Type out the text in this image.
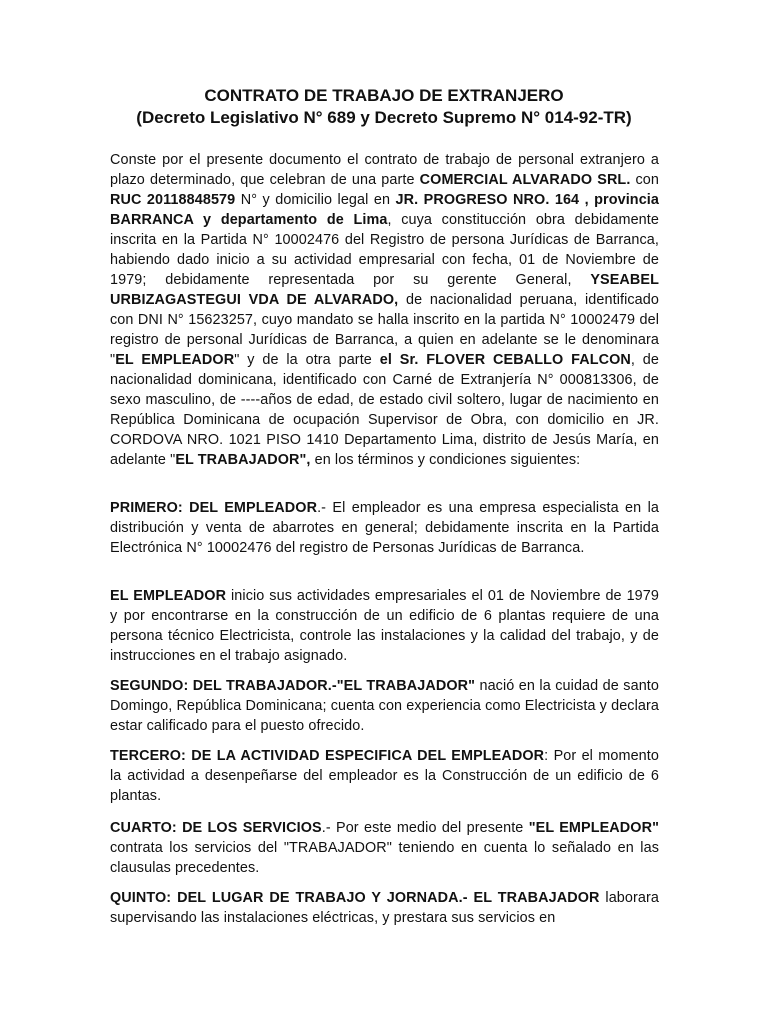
CONTRATO DE TRABAJO DE EXTRANJERO
(Decreto Legislativo N° 689 y Decreto Supremo N° 014-92-TR)
Conste por el presente documento el contrato de trabajo de personal extranjero a plazo determinado, que celebran de una parte COMERCIAL ALVARADO SRL. con RUC 20118848579 N° y domicilio legal en JR. PROGRESO NRO. 164 , provincia BARRANCA y departamento de Lima, cuya constitucción obra debidamente inscrita en la Partida N° 10002476 del Registro de persona Jurídicas de Barranca, habiendo dado inicio a su actividad empresarial con fecha, 01 de Noviembre de 1979; debidamente representada por su gerente General, YSEABEL URBIZAGASTEGUI VDA DE ALVARADO, de nacionalidad peruana, identificado con DNI N° 15623257, cuyo mandato se halla inscrito en la partida N° 10002479 del registro de personal Jurídicas de Barranca, a quien en adelante se le denominara "EL EMPLEADOR" y de la otra parte el Sr. FLOVER CEBALLO FALCON, de nacionalidad dominicana, identificado con Carné de Extranjería N° 000813306, de sexo masculino, de ----años de edad, de estado civil soltero, lugar de nacimiento en República Dominicana de ocupación Supervisor de Obra, con domicilio en JR. CORDOVA NRO. 1021 PISO 1410 Departamento Lima, distrito de Jesús María, en adelante "EL TRABAJADOR", en los términos y condiciones siguientes:
PRIMERO: DEL EMPLEADOR.- El empleador es una empresa especialista en la distribución y venta de abarrotes en general; debidamente inscrita en la Partida Electrónica N° 10002476 del registro de Personas Jurídicas de Barranca.
EL EMPLEADOR inicio sus actividades empresariales el 01 de Noviembre de 1979 y por encontrarse en la construcción de un edificio de 6 plantas requiere de una persona técnico Electricista, controle las instalaciones y la calidad del trabajo, y de instrucciones en el trabajo asignado.
SEGUNDO: DEL TRABAJADOR.-"EL TRABAJADOR" nació en la cuidad de santo Domingo, República Dominicana; cuenta con experiencia como Electricista y declara estar calificado para el puesto ofrecido.
TERCERO: DE LA ACTIVIDAD ESPECIFICA DEL EMPLEADOR: Por el momento la actividad a desenpeñarse del empleador es la Construcción de un edificio de 6 plantas.
CUARTO: DE LOS SERVICIOS.- Por este medio del presente "EL EMPLEADOR" contrata los servicios del "TRABAJADOR" teniendo en cuenta lo señalado en las clausulas precedentes.
QUINTO: DEL LUGAR DE TRABAJO Y JORNADA.- EL TRABAJADOR laborara supervisando las instalaciones eléctricas, y prestara sus servicios en
